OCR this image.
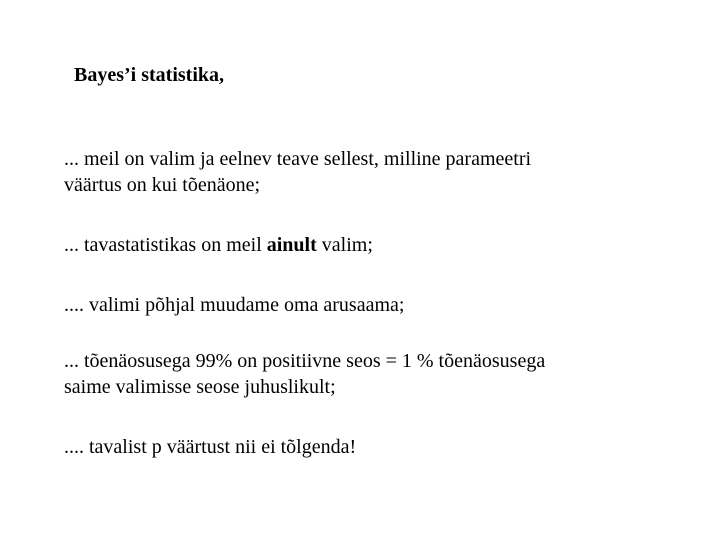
Bayes’i statistika,
... meil on valim ja eelnev teave sellest, milline parameetri
väärtus on kui tõenäone;
... tavastatistikas on meil ainult valim;
.... valimi põhjal muudame oma arusaama;
... tõenäosusega 99% on positiivne seos = 1 % tõenäosusega
saime valimisse seose juhuslikult;
.... tavalist p väärtust nii ei tõlgenda!
